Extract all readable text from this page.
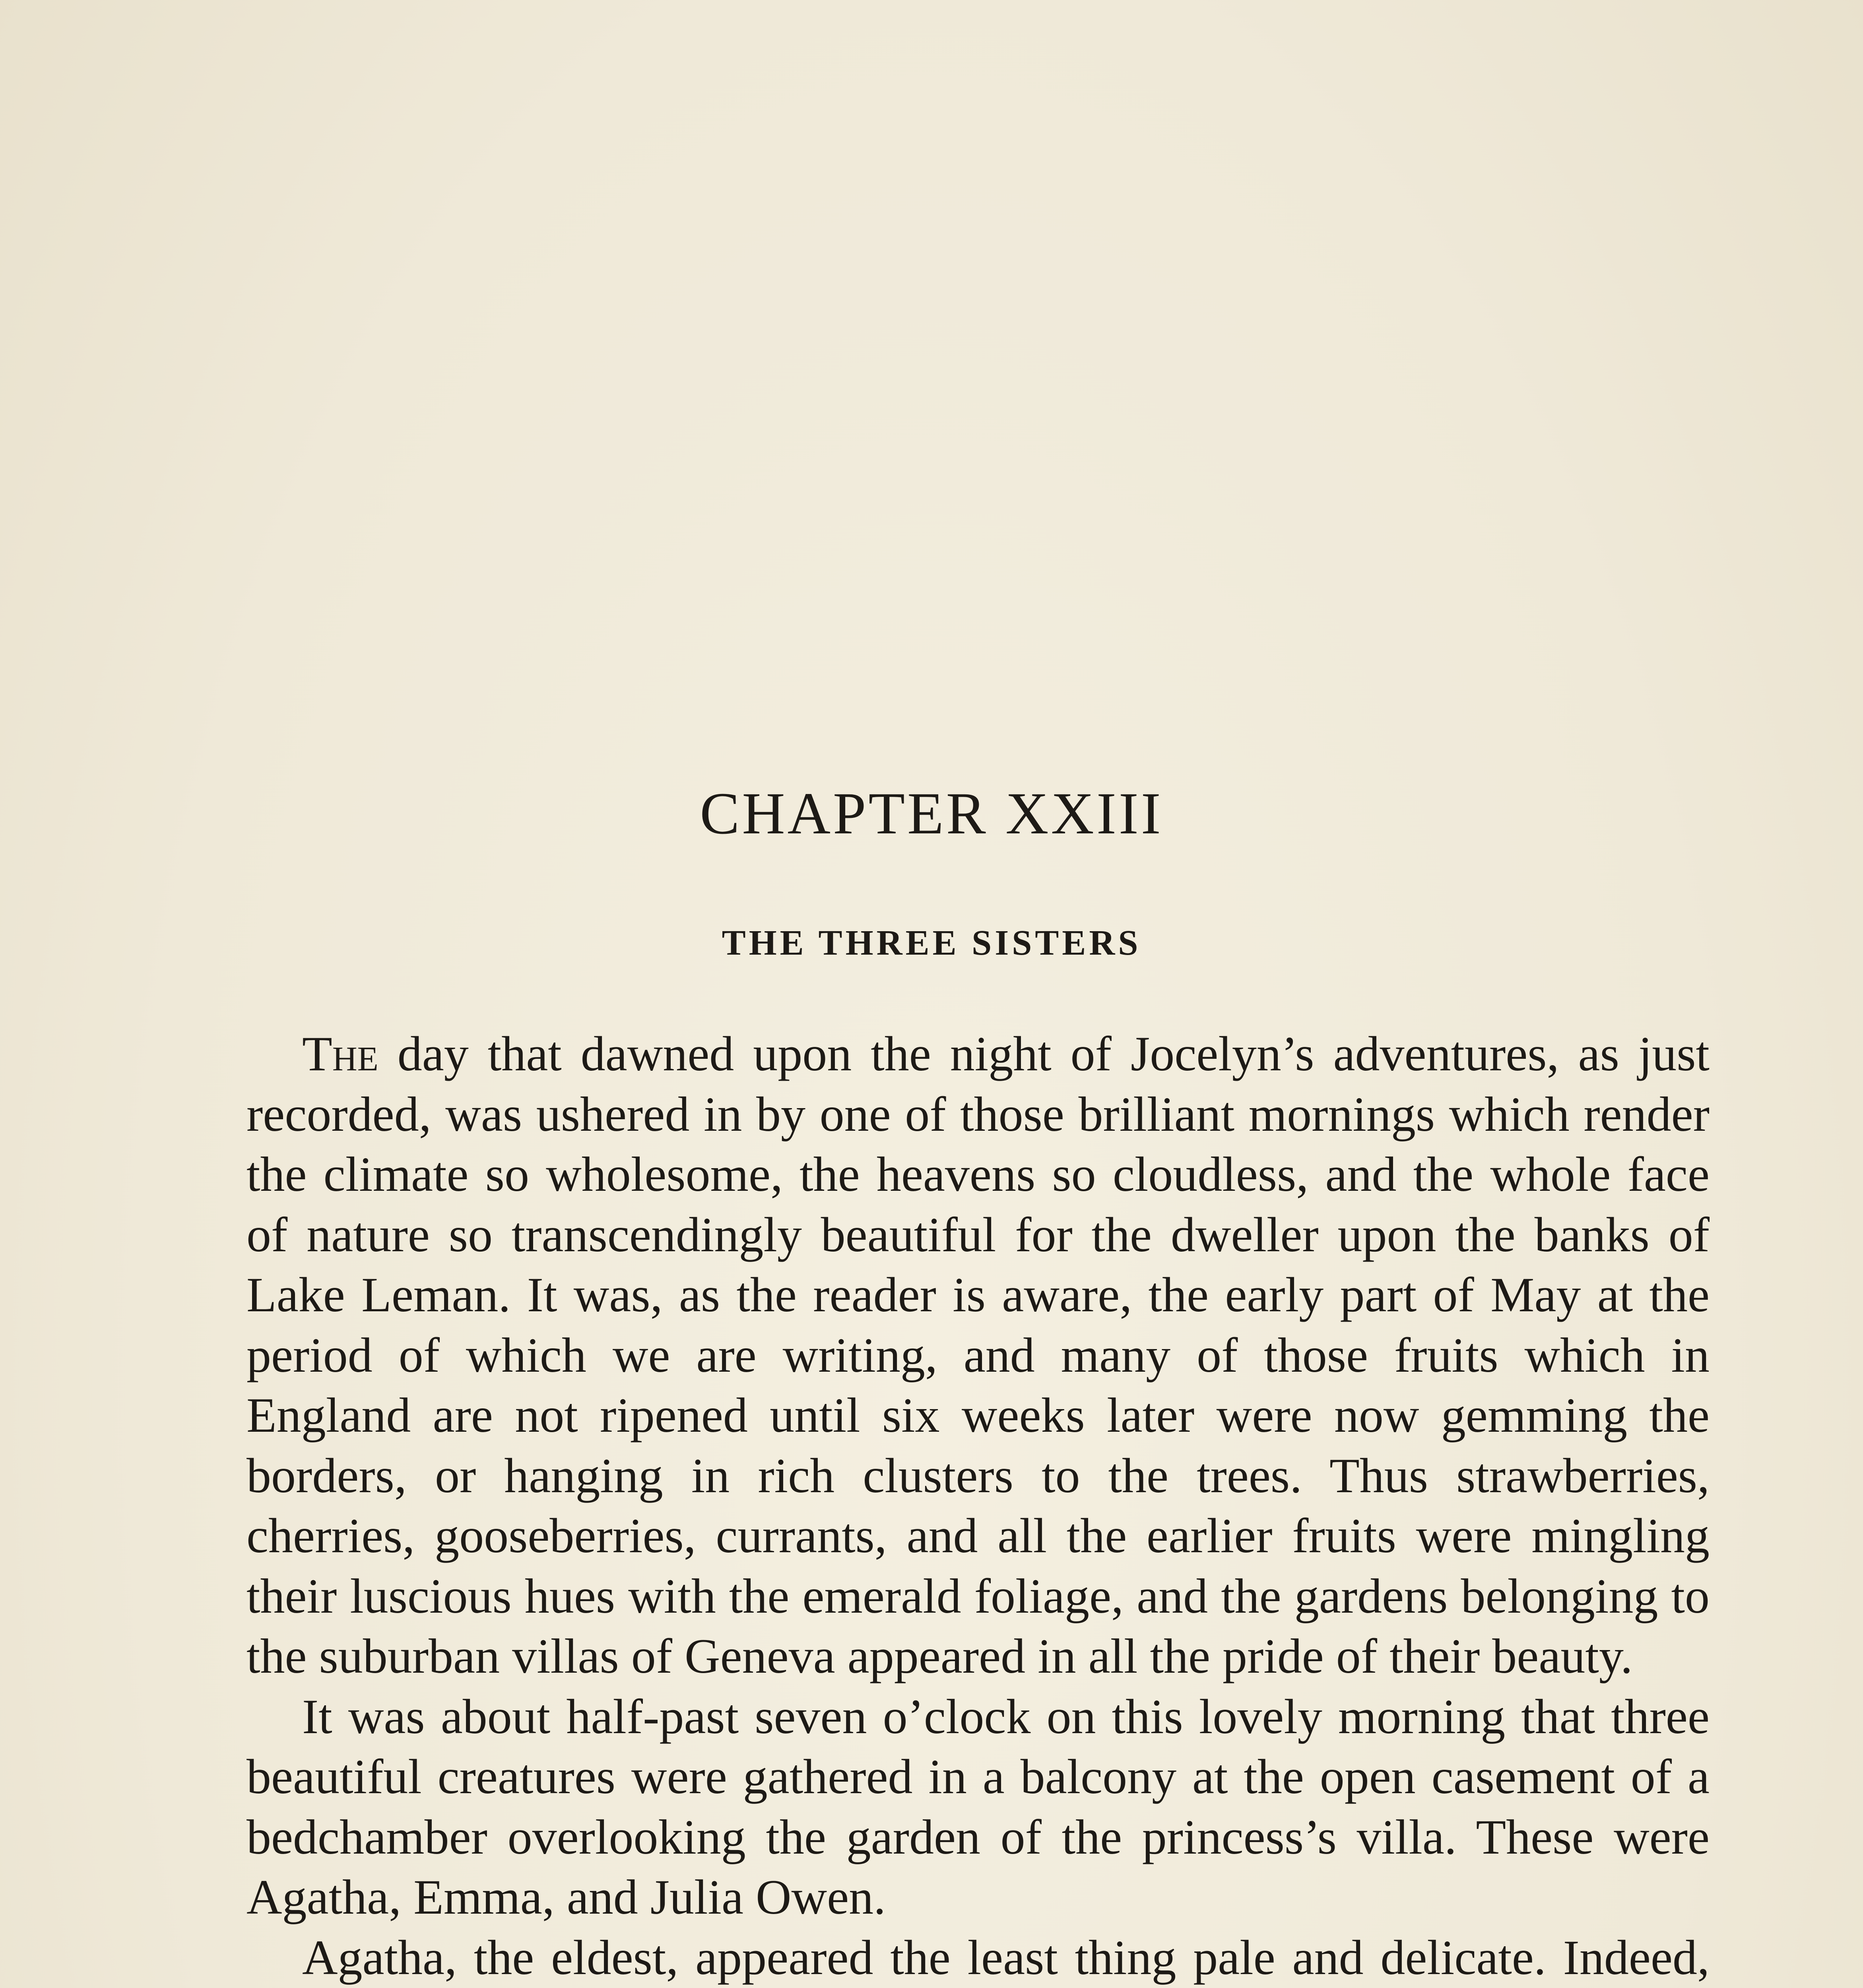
CHAPTER XXIII
THE THREE SISTERS

The day that dawned upon the night of Jocelyn’s adventures, as just recorded, was ushered in by one of those brilliant mornings which render the climate so wholesome, the heavens so cloudless, and the whole face of nature so transcendingly beautiful for the dweller upon the banks of Lake Leman. It was, as the reader is aware, the early part of May at the period of which we are writing, and many of those fruits which in England are not ripened until six weeks later were now gemming the borders, or hanging in rich clusters to the trees. Thus strawberries, cherries, gooseberries, currants, and all the earlier fruits were mingling their luscious hues with the emerald foliage, and the gardens belonging to the suburban villas of Geneva appeared in all the pride of their beauty.

It was about half-past seven o’clock on this lovely morning that three beautiful creatures were gathered in a balcony at the open casement of a bedchamber overlooking the garden of the princess’s villa. These were Agatha, Emma, and Julia Owen.

Agatha, the eldest, appeared the least thing pale and delicate. Indeed,
